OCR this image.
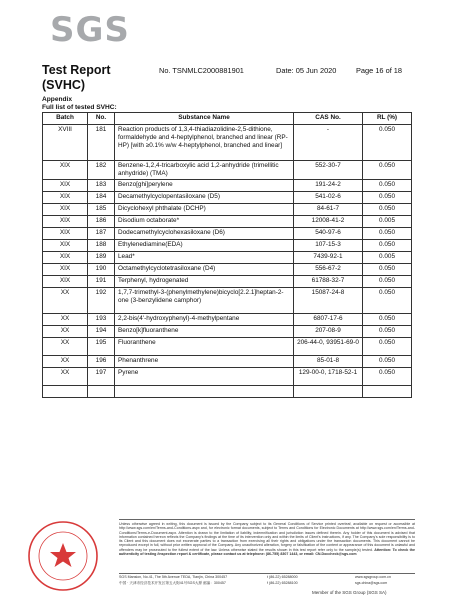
SGS
Test Report
(SVHC)
No. TSNMLC2000881901	Date: 05 Jun 2020	Page 16 of 18
Appendix
Full list of tested SVHC:
Batch	No.	Substance Name	CAS No.	RL (%)
XVIII	181	Reaction products of 1,3,4-thiadiazolidine-2,5-dithione, formaldehyde and 4-heptylphenol, branched and linear (RP-HP) [with ≥0.1% w/w 4-heptylphenol, branched and linear]	-	0.050
XIX	182	Benzene-1,2,4-tricarboxylic acid 1,2-anhydride (trimellitic anhydride) (TMA)	552-30-7	0.050
XIX	183	Benzo[ghi]perylene	191-24-2	0.050
XIX	184	Decamethylcyclopentasiloxane (D5)	541-02-6	0.050
XIX	185	Dicyclohexyl phthalate (DCHP)	84-61-7	0.050
XIX	186	Disodium octaborate*	12008-41-2	0.005
XIX	187	Dodecamethylcyclohexasiloxane (D6)	540-97-6	0.050
XIX	188	Ethylenediamine(EDA)	107-15-3	0.050
XIX	189	Lead*	7439-92-1	0.005
XIX	190	Octamethylcyclotetrasiloxane (D4)	556-67-2	0.050
XIX	191	Terphenyl, hydrogenated	61788-32-7	0.050
XX	192	1,7,7-trimethyl-3-(phenylmethylene)bicyclo[2.2.1]heptan-2-one (3-benzylidene camphor)	15087-24-8	0.050
XX	193	2,2-bis(4'-hydroxyphenyl)-4-methylpentane	6807-17-6	0.050
XX	194	Benzo[k]fluoranthene	207-08-9	0.050
XX	195	Fluoranthene	206-44-0, 93951-69-0	0.050
XX	196	Phenanthrene	85-01-8	0.050
XX	197	Pyrene	129-00-0, 1718-52-1	0.050

Unless otherwise agreed in writing, this document is issued by the Company subject to its General Conditions of Service printed overleaf, available on request or accessible at http://www.sgs.com/en/Terms-and-Conditions.aspx and, for electronic format documents, subject to Terms and Conditions for Electronic Documents at http://www.sgs.com/en/Terms-and-Conditions/Terms-e-Document.aspx. Attention is drawn to the limitation of liability, indemnification and jurisdiction issues defined therein. Any holder of this document is advised that information contained hereon reflects the Company's findings at the time of its intervention only and within the limits of Client's instructions, if any. The Company's sole responsibility is to its Client and this document does not exonerate parties to a transaction from exercising all their rights and obligations under the transaction documents. This document cannot be reproduced except in full, without prior written approval of the Company. Any unauthorized alteration, forgery or falsification of the content or appearance of this document is unlawful and offenders may be prosecuted to the fullest extent of the law. Unless otherwise stated the results shown in this test report refer only to the sample(s) tested. Attention: To check the authenticity of testing /inspection report & certificate, please contact us at telephone: (86-755) 8307 1443, or email: CN.Doccheck@sgs.com
SGS Mansion, No.41, The 5th Avenue TEDA, Tianjin, China 300457
中国 · 天津市经济技术开发区第五大街41号SGS大厦 邮编：300457
t (86-22) 65288000
f (86-22) 65288100
www.sgsgroup.com.cn
sgs.china@sgs.com
Member of the SGS Group (SGS SA)
